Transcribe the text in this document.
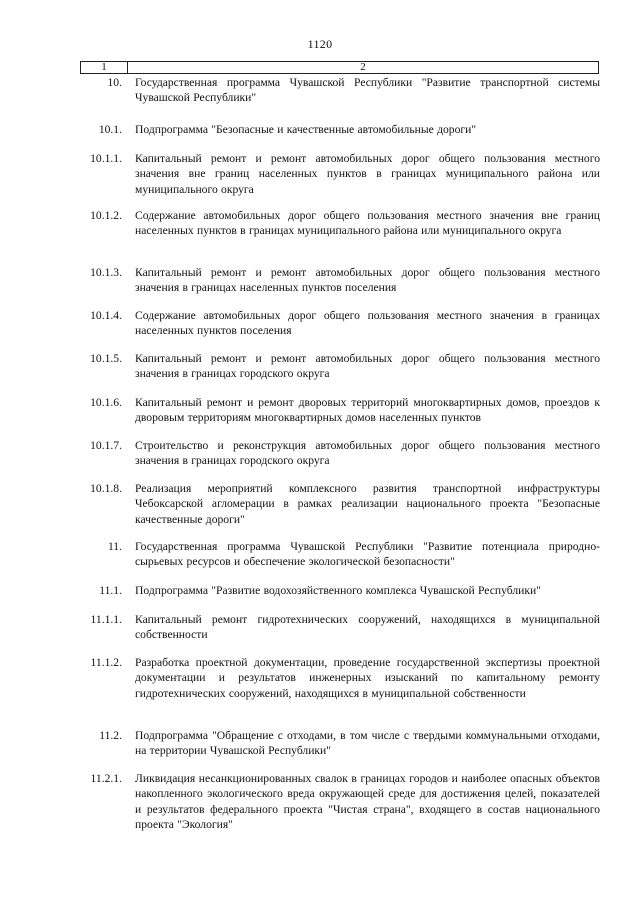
1120
1	2
10. Государственная программа Чувашской Республики "Развитие транспортной системы Чувашской Республики"
10.1. Подпрограмма "Безопасные и качественные автомобильные дороги"
10.1.1. Капитальный ремонт и ремонт автомобильных дорог общего пользования местного значения вне границ населенных пунктов в границах муниципального района или муниципального округа
10.1.2. Содержание автомобильных дорог общего пользования местного значения вне границ населенных пунктов в границах муниципального района или муниципального округа
10.1.3. Капитальный ремонт и ремонт автомобильных дорог общего пользования местного значения в границах населенных пунктов поселения
10.1.4. Содержание автомобильных дорог общего пользования местного значения в границах населенных пунктов поселения
10.1.5. Капитальный ремонт и ремонт автомобильных дорог общего пользования местного значения в границах городского округа
10.1.6. Капитальный ремонт и ремонт дворовых территорий многоквартирных домов, проездов к дворовым территориям многоквартирных домов населенных пунктов
10.1.7. Строительство и реконструкция автомобильных дорог общего пользования местного значения в границах городского округа
10.1.8. Реализация мероприятий комплексного развития транспортной инфраструктуры Чебоксарской агломерации в рамках реализации национального проекта "Безопасные качественные дороги"
11. Государственная программа Чувашской Республики "Развитие потенциала природно-сырьевых ресурсов и обеспечение экологической безопасности"
11.1. Подпрограмма "Развитие водохозяйственного комплекса Чувашской Республики"
11.1.1. Капитальный ремонт гидротехнических сооружений, находящихся в муниципальной собственности
11.1.2. Разработка проектной документации, проведение государственной экспертизы проектной документации и результатов инженерных изысканий по капитальному ремонту гидротехнических сооружений, находящихся в муниципальной собственности
11.2. Подпрограмма "Обращение с отходами, в том числе с твердыми коммунальными отходами, на территории Чувашской Республики"
11.2.1. Ликвидация несанкционированных свалок в границах городов и наиболее опасных объектов накопленного экологического вреда окружающей среде для достижения целей, показателей и результатов федерального проекта "Чистая страна", входящего в состав национального проекта "Экология"
